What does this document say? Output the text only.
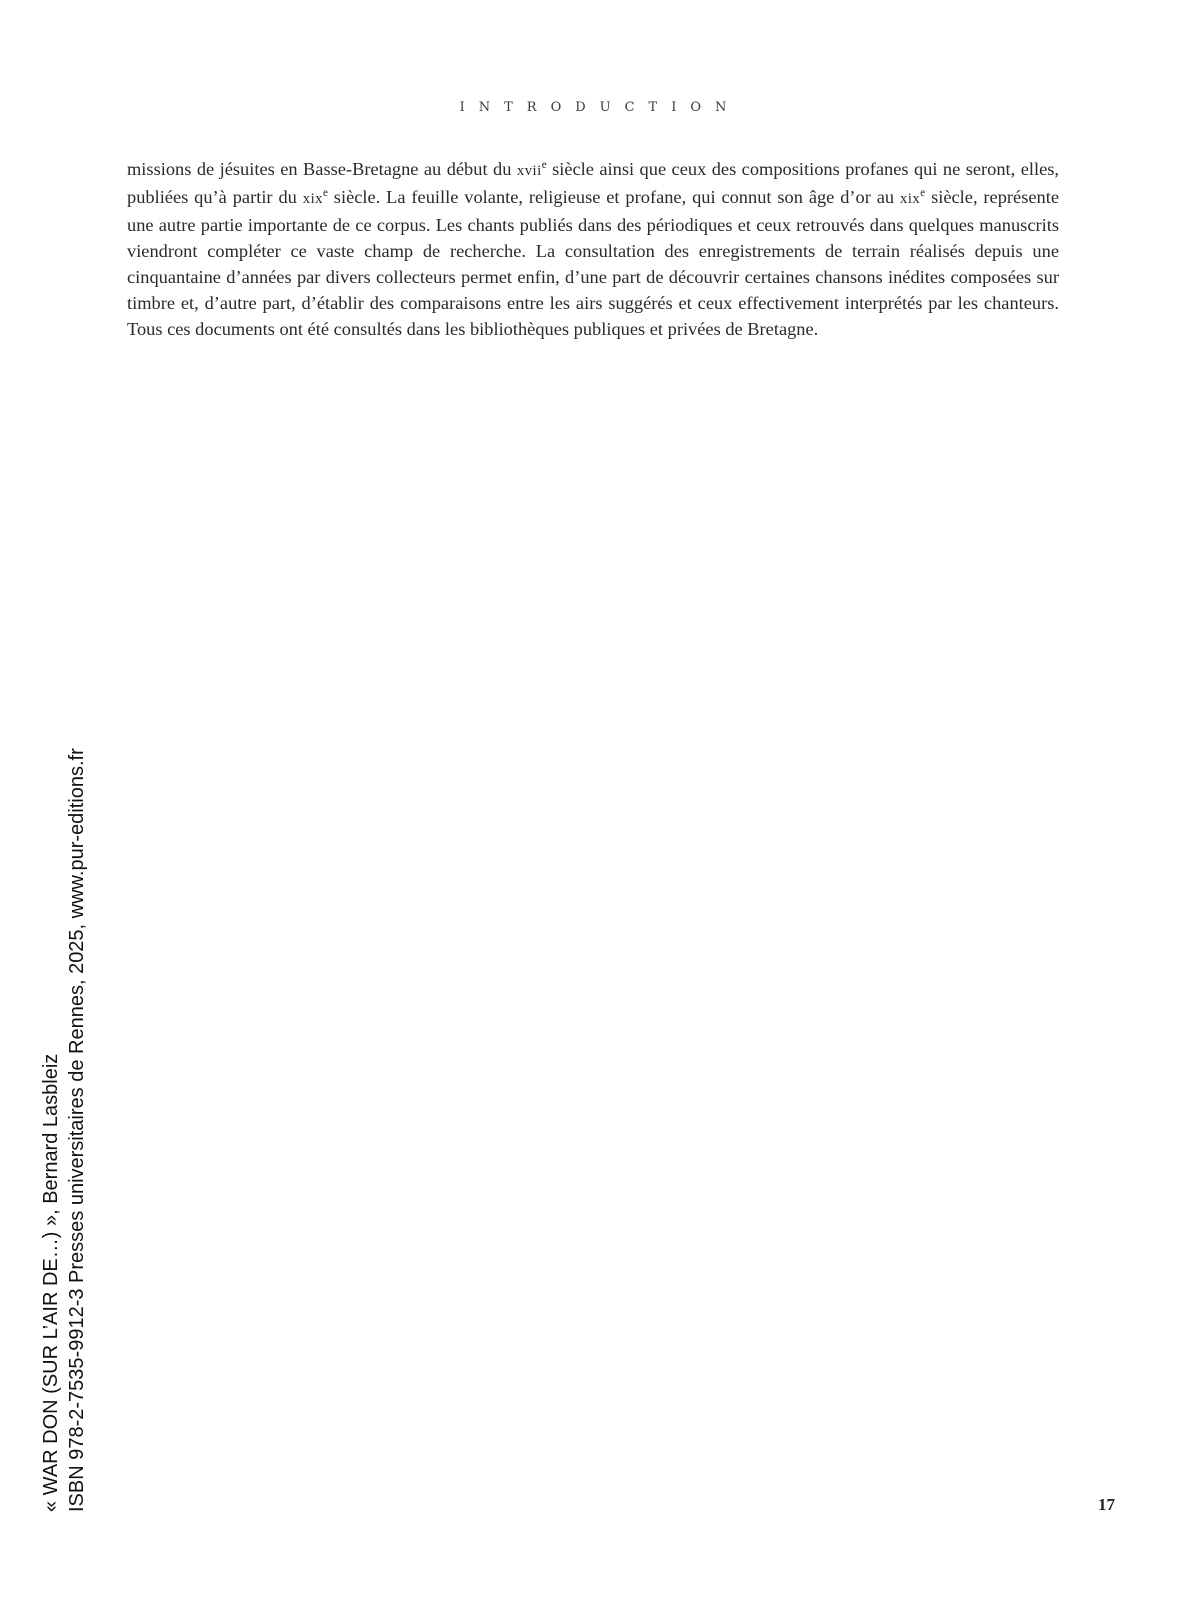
INTRODUCTION

missions de jésuites en Basse-Bretagne au début du xvii$^e$ siècle ainsi que ceux des compositions profanes qui ne seront, elles, publiées qu’à partir du xix$^e$ siècle. La feuille volante, religieuse et profane, qui connut son âge d’or au xix$^e$ siècle, représente une autre partie importante de ce corpus. Les chants publiés dans des périodiques et ceux retrouvés dans quelques manuscrits viendront compléter ce vaste champ de recherche. La consultation des enregistrements de terrain réalisés depuis une cinquantaine d’années par divers collecteurs permet enfin, d’une part de découvrir certaines chansons inédites composées sur timbre et, d’autre part, d’établir des comparaisons entre les airs suggérés et ceux effectivement interprétés par les chanteurs. Tous ces documents ont été consultés dans les bibliothèques publiques et privées de Bretagne.

« WAR DON (SUR L’AIR DE…) », Bernard Lasbleiz ISBN 978-2-7535-9912-3 Presses universitaires de Rennes, 2025, www.pur-editions.fr	17
